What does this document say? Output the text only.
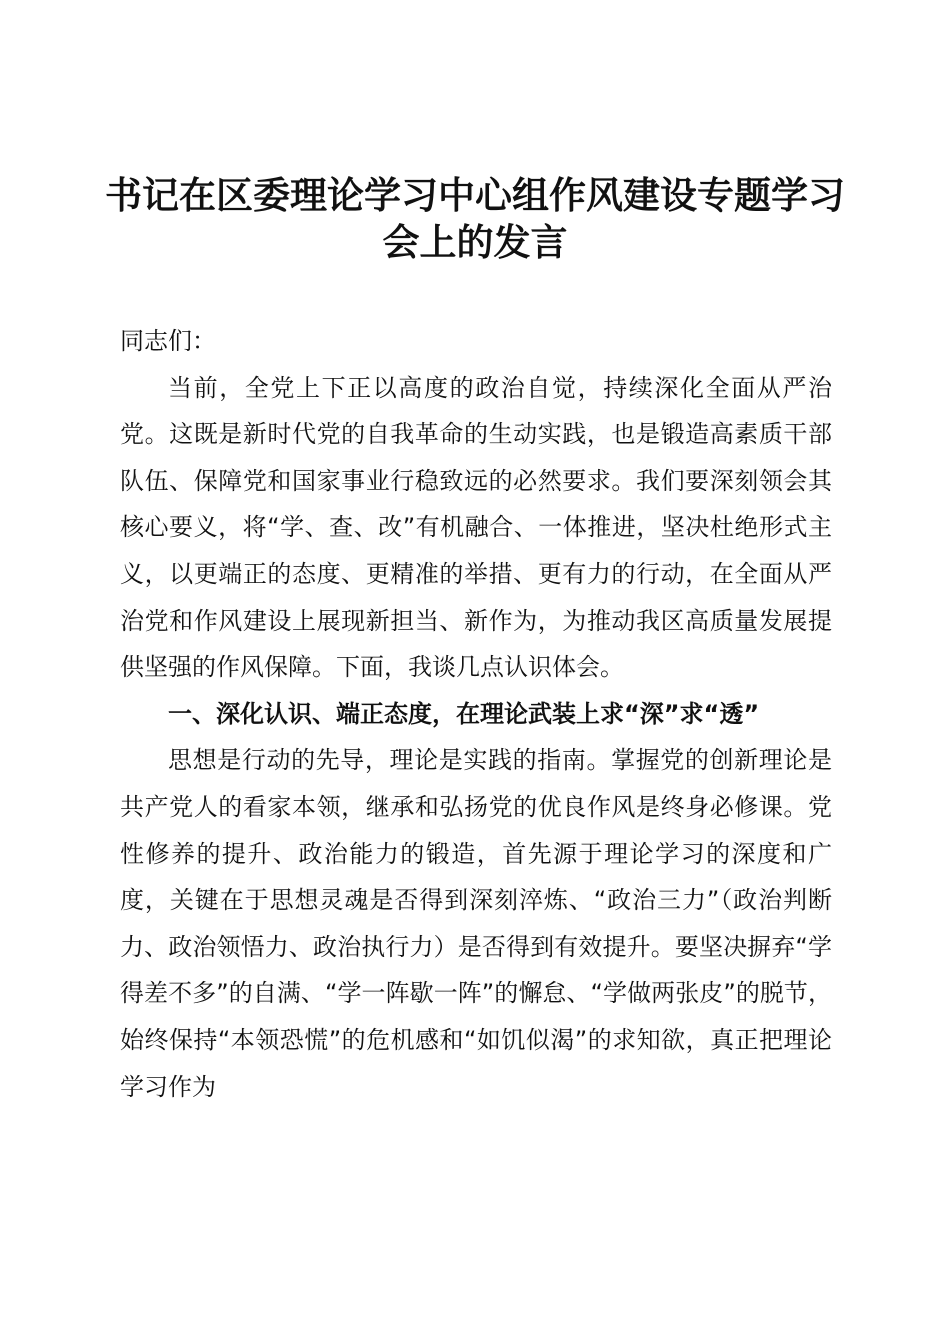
书记在区委理论学习中心组作风建设专题学习
会上的发言

同志们：

当前，全党上下正以高度的政治自觉，持续深化全面从严治党。这既是新时代党的自我革命的生动实践，也是锻造高素质干部队伍、保障党和国家事业行稳致远的必然要求。我们要深刻领会其核心要义，将“学、查、改”有机融合、一体推进，坚决杜绝形式主义，以更端正的态度、更精准的举措、更有力的行动，在全面从严治党和作风建设上展现新担当、新作为，为推动我区高质量发展提供坚强的作风保障。下面，我谈几点认识体会。

一、深化认识、端正态度，在理论武装上求“深”求“透”

思想是行动的先导，理论是实践的指南。掌握党的创新理论是共产党人的看家本领，继承和弘扬党的优良作风是终身必修课。党性修养的提升、政治能力的锻造，首先源于理论学习的深度和广度，关键在于思想灵魂是否得到深刻淬炼、“政治三力”（政治判断力、政治领悟力、政治执行力）是否得到有效提升。要坚决摒弃“学得差不多”的自满、“学一阵歇一阵”的懈怠、“学做两张皮”的脱节，始终保持“本领恐慌”的危机感和“如饥似渴”的求知欲，真正把理论学习作为
